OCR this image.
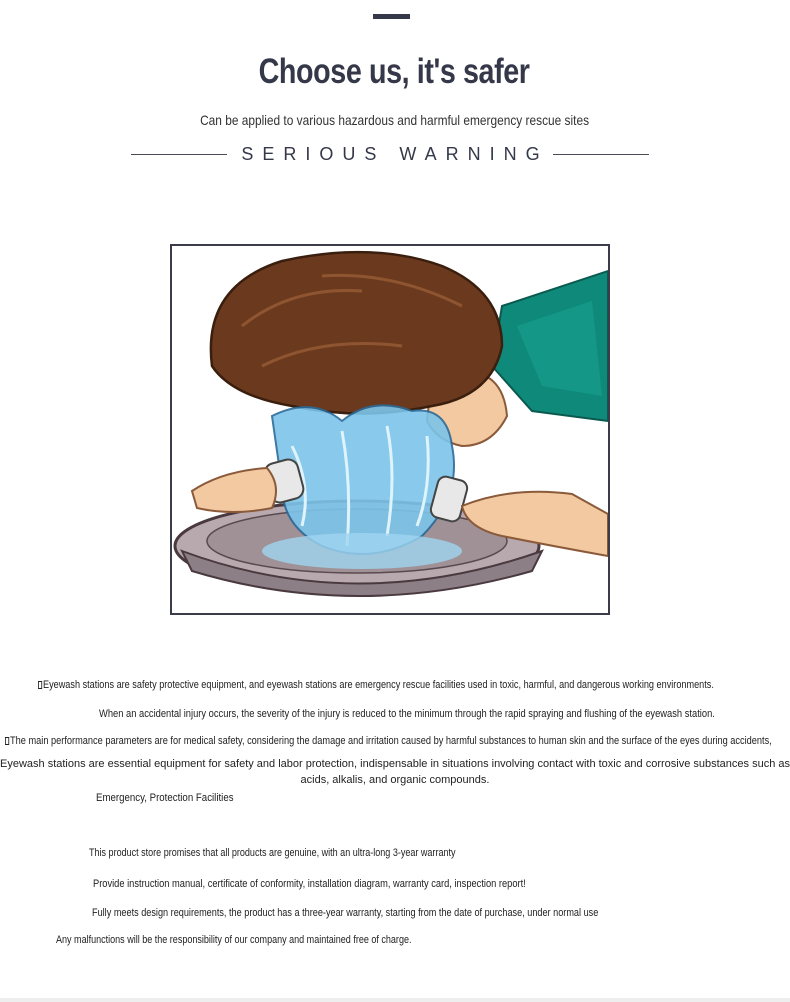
Choose us, it's safer
Can be applied to various hazardous and harmful emergency rescue sites
SERIOUS WARNING
Eyewash stations are safety protective equipment, and eyewash stations are emergency rescue facilities used in toxic, harmful, and dangerous working environments.
When an accidental injury occurs, the severity of the injury is reduced to the minimum through the rapid spraying and flushing of the eyewash station.
The main performance parameters are for medical safety, considering the damage and irritation caused by harmful substances to human skin and the surface of the eyes during accidents,
Eyewash stations are essential equipment for safety and labor protection, indispensable in situations involving contact with toxic and corrosive substances such as acids, alkalis, and organic compounds.
Emergency, Protection Facilities
This product store promises that all products are genuine, with an ultra-long 3-year warranty
Provide instruction manual, certificate of conformity, installation diagram, warranty card, inspection report!
Fully meets design requirements, the product has a three-year warranty, starting from the date of purchase, under normal use
Any malfunctions will be the responsibility of our company and maintained free of charge.
